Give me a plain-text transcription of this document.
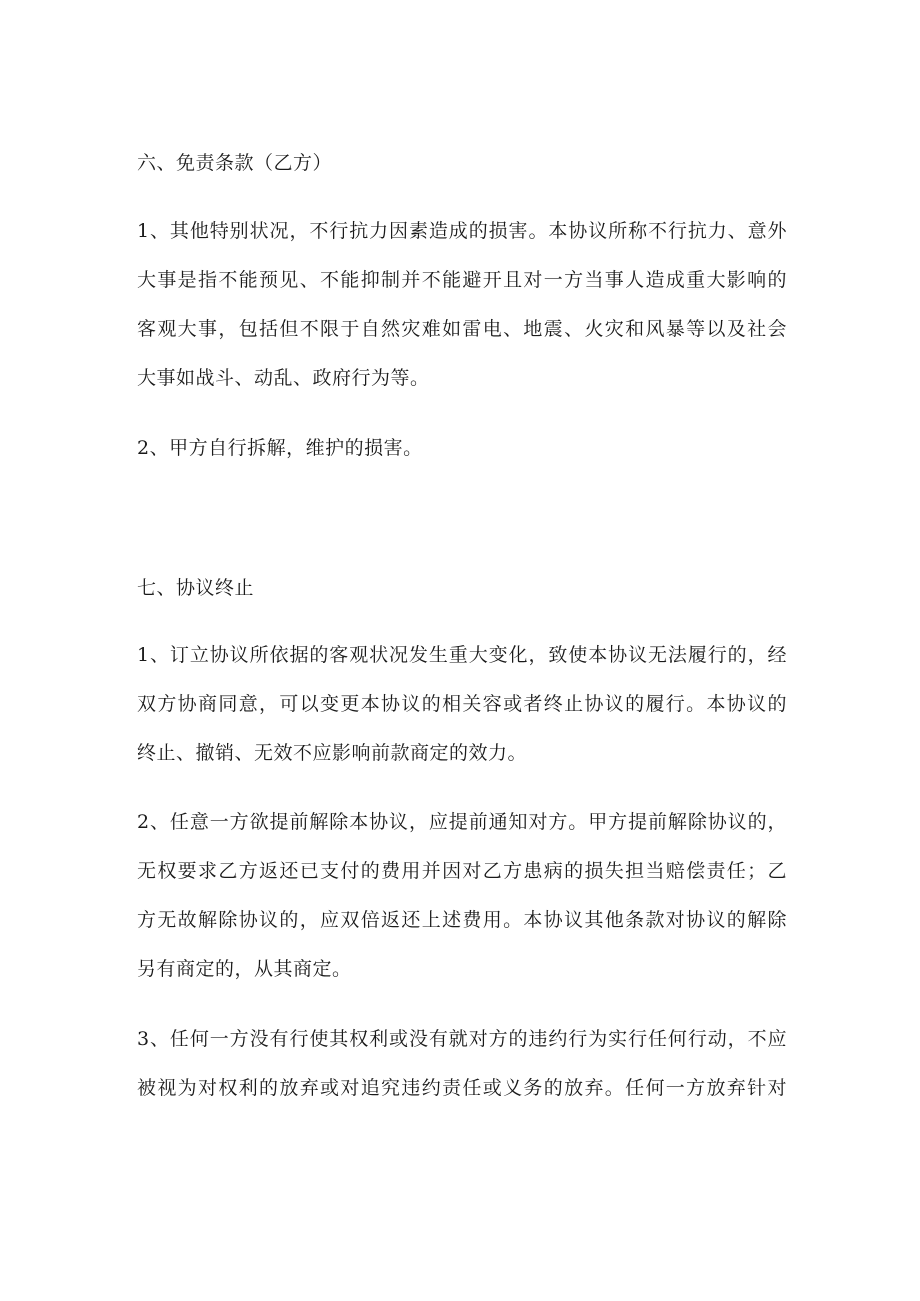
六、免责条款（乙方）
1、其他特别状况，不行抗力因素造成的损害。本协议所称不行抗力、意外
大事是指不能预见、不能抑制并不能避开且对一方当事人造成重大影响的
客观大事，包括但不限于自然灾难如雷电、地震、火灾和风暴等以及社会
大事如战斗、动乱、政府行为等。
2、甲方自行拆解，维护的损害。
七、协议终止
1、订立协议所依据的客观状况发生重大变化，致使本协议无法履行的，经
双方协商同意，可以变更本协议的相关容或者终止协议的履行。本协议的
终止、撤销、无效不应影响前款商定的效力。
2、任意一方欲提前解除本协议，应提前通知对方。甲方提前解除协议的，
无权要求乙方返还已支付的费用并因对乙方患病的损失担当赔偿责任；乙
方无故解除协议的，应双倍返还上述费用。本协议其他条款对协议的解除
另有商定的，从其商定。
3、任何一方没有行使其权利或没有就对方的违约行为实行任何行动，不应
被视为对权利的放弃或对追究违约责任或义务的放弃。任何一方放弃针对
